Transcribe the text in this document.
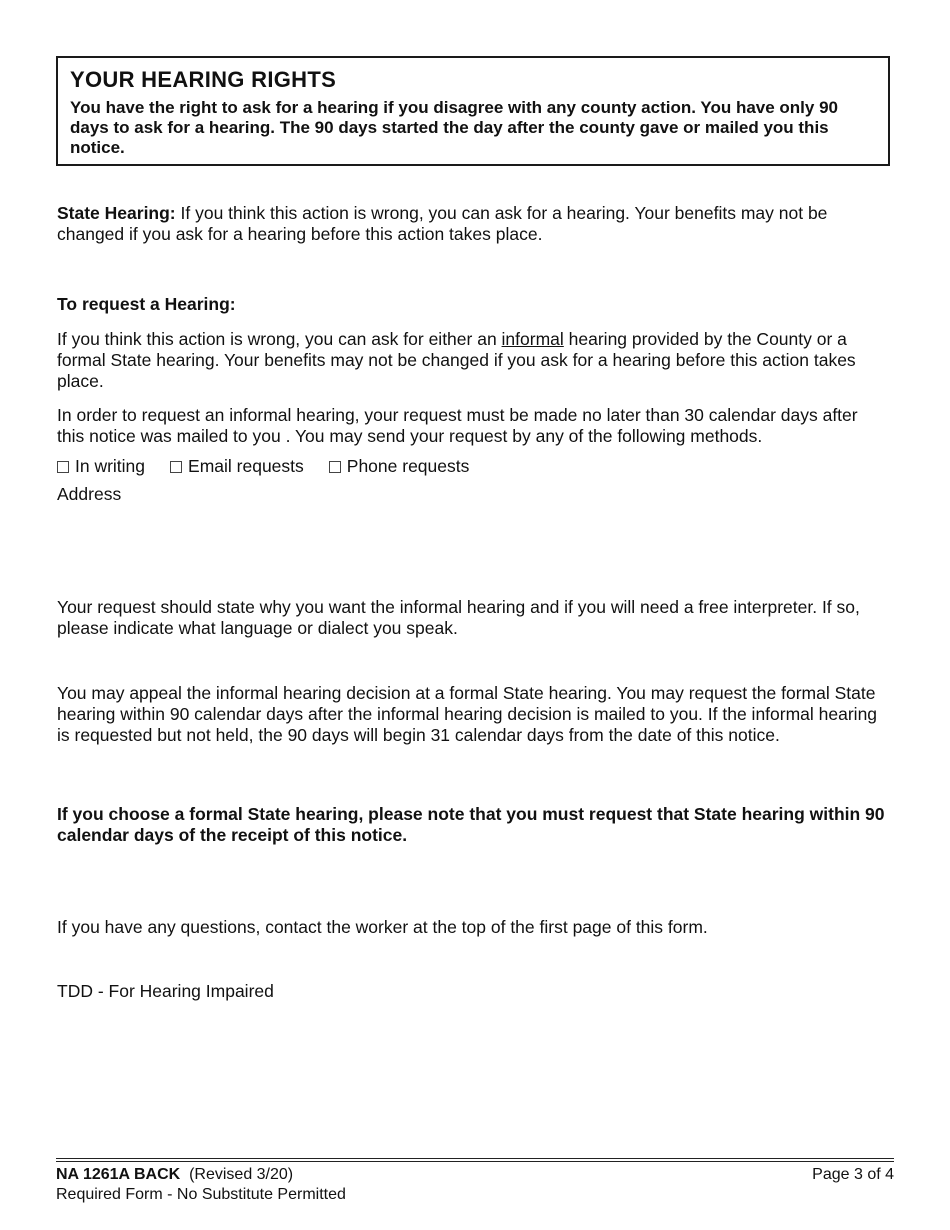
YOUR HEARING RIGHTS

You have the right to ask for a hearing if you disagree with any county action. You have only 90 days to ask for a hearing. The 90 days started the day after the county gave or mailed you this notice.

State Hearing: If you think this action is wrong, you can ask for a hearing. Your benefits may not be changed if you ask for a hearing before this action takes place.

To request a Hearing:

If you think this action is wrong, you can ask for either an informal hearing provided by the County or a formal State hearing. Your benefits may not be changed if you ask for a hearing before this action takes place.

In order to request an informal hearing, your request must be made no later than 30 calendar days after this notice was mailed to you . You may send your request by any of the following methods.

In writing Email requests Phone requests

Address

Your request should state why you want the informal hearing and if you will need a free interpreter. If so, please indicate what language or dialect you speak.

You may appeal the informal hearing decision at a formal State hearing. You may request the formal State hearing within 90 calendar days after the informal hearing decision is mailed to you. If the informal hearing is requested but not held, the 90 days will begin 31 calendar days from the date of this notice.

If you choose a formal State hearing, please note that you must request that State hearing within 90 calendar days of the receipt of this notice.

If you have any questions, contact the worker at the top of the first page of this form.

TDD - For Hearing Impaired

NA 1261A BACK (Revised 3/20)
Required Form - No Substitute Permitted
Page 3 of 4
